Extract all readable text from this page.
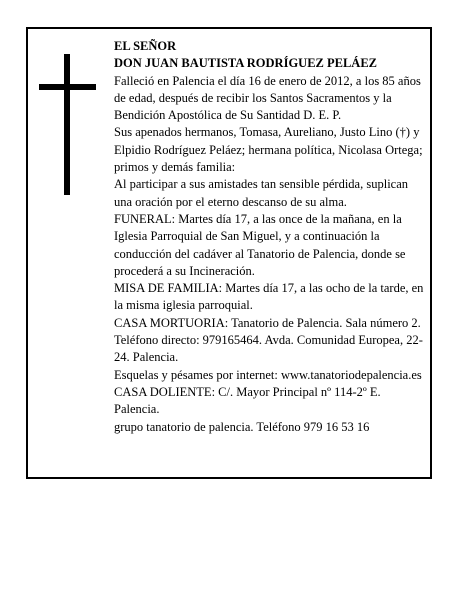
EL SEÑOR

DON JUAN BAUTISTA RODRÍGUEZ PELÁEZ

Falleció en Palencia el día 16 de enero de 2012, a los 85 años de edad, después de recibir los Santos Sacramentos y la Bendición Apostólica de Su Santidad D. E. P.

Sus apenados hermanos, Tomasa, Aureliano, Justo Lino (†) y Elpidio Rodríguez Peláez; hermana política, Nicolasa Ortega; primos y demás familia:

Al participar a sus amistades tan sensible pérdida, suplican una oración por el eterno descanso de su alma.

FUNERAL: Martes día 17, a las once de la mañana, en la Iglesia Parroquial de San Miguel, y a continuación la conducción del cadáver al Tanatorio de Palencia, donde se procederá a su Incineración.

MISA DE FAMILIA: Martes día 17, a las ocho de la tarde, en la misma iglesia parroquial.

CASA MORTUORIA: Tanatorio de Palencia. Sala número 2. Teléfono directo: 979165464. Avda. Comunidad Europea, 22-24. Palencia.

Esquelas y pésames por internet: www.tanatoriodepalencia.es

CASA DOLIENTE: C/. Mayor Principal nº 114-2º E. Palencia.

grupo tanatorio de palencia. Teléfono 979 16 53 16
